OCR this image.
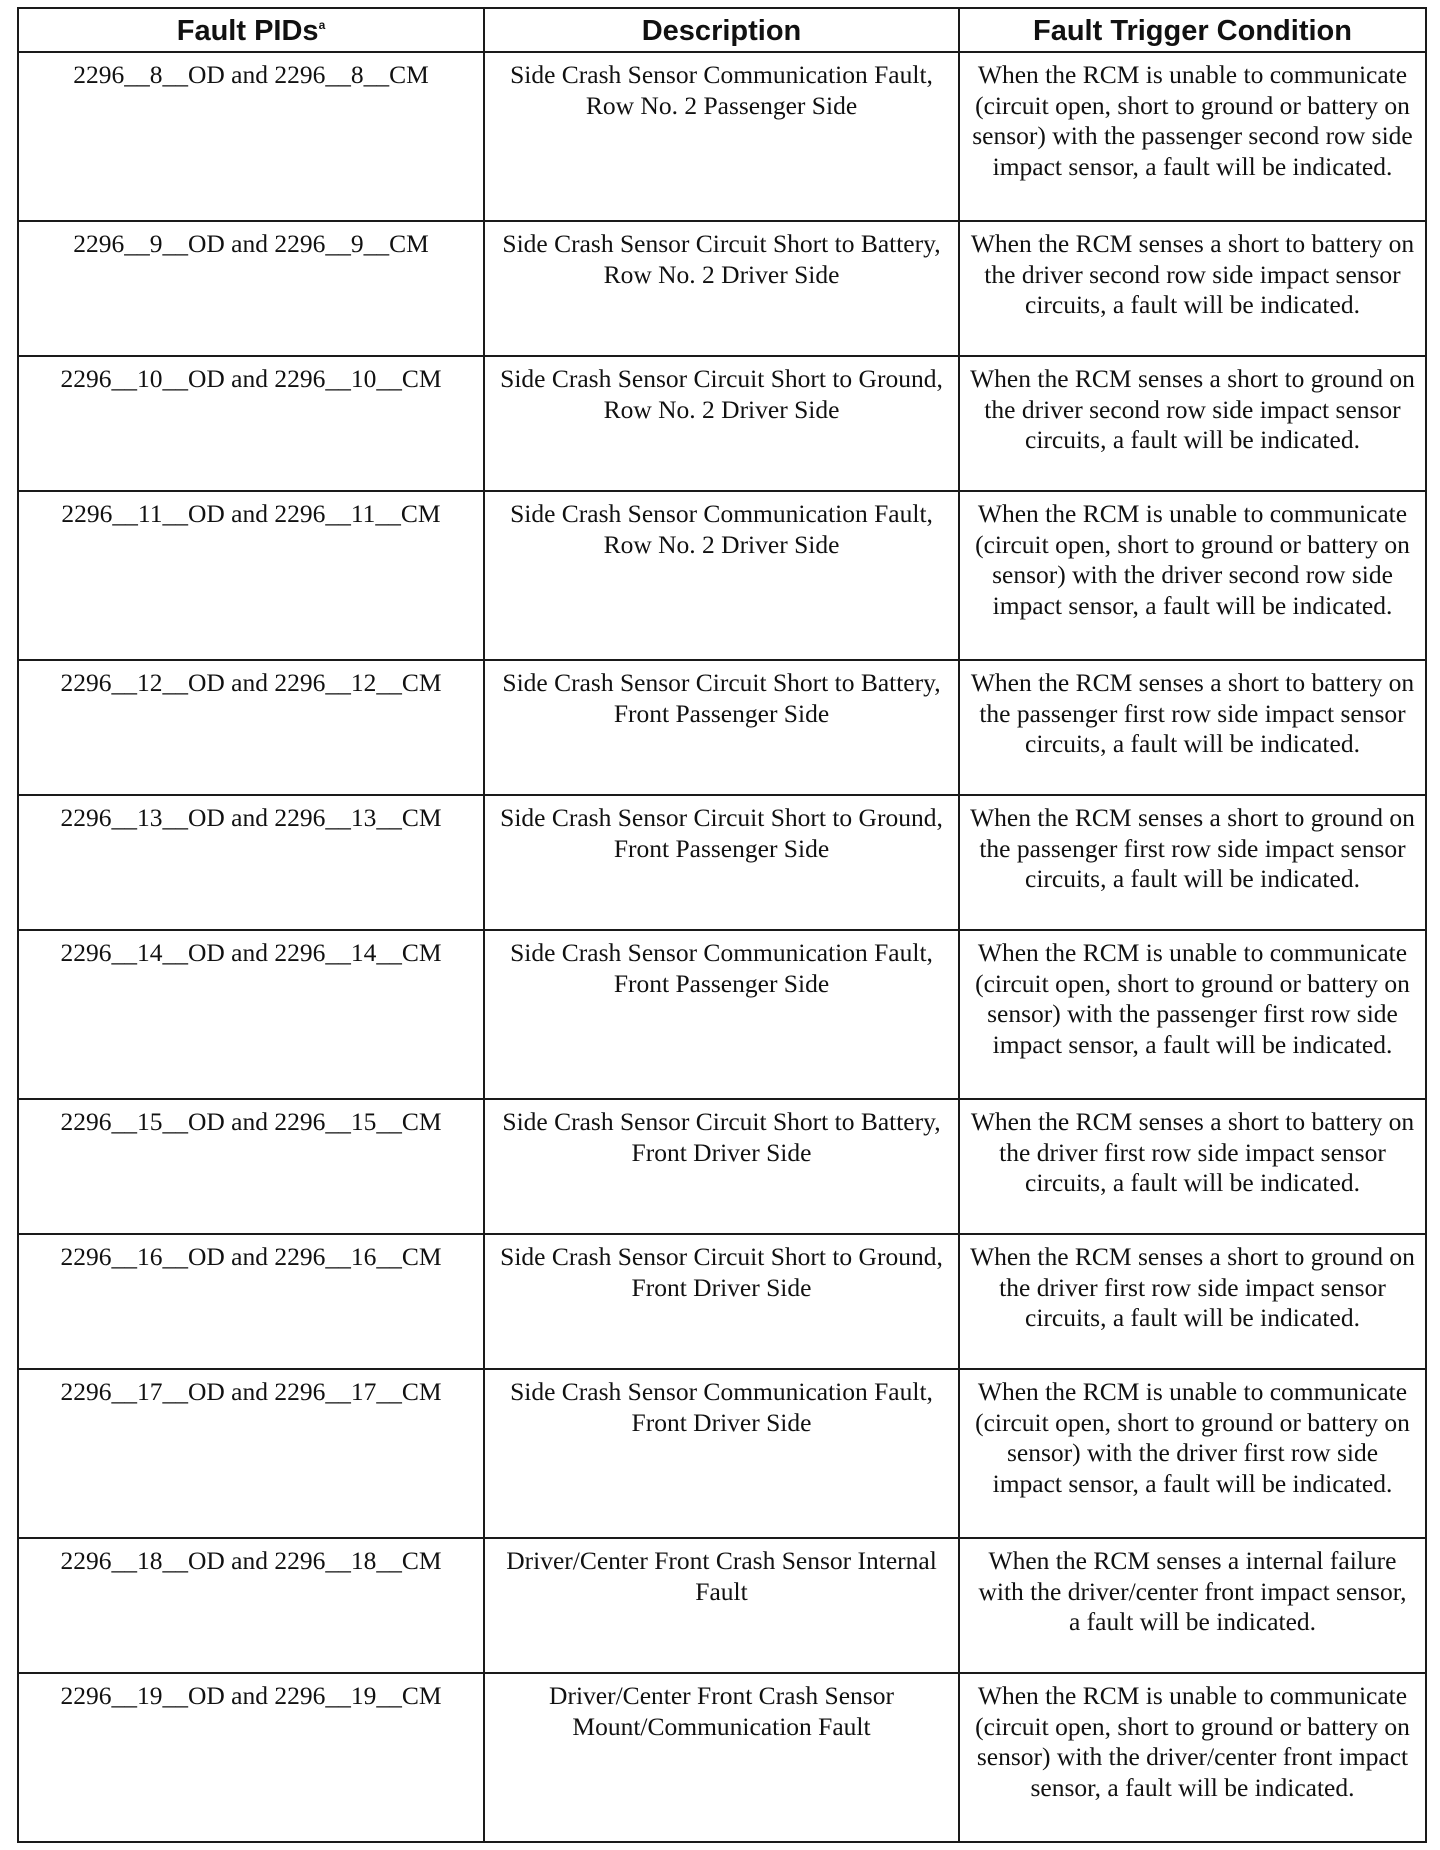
Fault PIDs$^a$	Description	Fault Trigger Condition
2296__8__OD and 2296__8__CM	Side Crash Sensor Communication Fault, Row No. 2 Passenger Side	When the RCM is unable to communicate (circuit open, short to ground or battery on sensor) with the passenger second row side impact sensor, a fault will be indicated.
2296__9__OD and 2296__9__CM	Side Crash Sensor Circuit Short to Battery, Row No. 2 Driver Side	When the RCM senses a short to battery on the driver second row side impact sensor circuits, a fault will be indicated.
2296__10__OD and 2296__10__CM	Side Crash Sensor Circuit Short to Ground, Row No. 2 Driver Side	When the RCM senses a short to ground on the driver second row side impact sensor circuits, a fault will be indicated.
2296__11__OD and 2296__11__CM	Side Crash Sensor Communication Fault, Row No. 2 Driver Side	When the RCM is unable to communicate (circuit open, short to ground or battery on sensor) with the driver second row side impact sensor, a fault will be indicated.
2296__12__OD and 2296__12__CM	Side Crash Sensor Circuit Short to Battery, Front Passenger Side	When the RCM senses a short to battery on the passenger first row side impact sensor circuits, a fault will be indicated.
2296__13__OD and 2296__13__CM	Side Crash Sensor Circuit Short to Ground, Front Passenger Side	When the RCM senses a short to ground on the passenger first row side impact sensor circuits, a fault will be indicated.
2296__14__OD and 2296__14__CM	Side Crash Sensor Communication Fault, Front Passenger Side	When the RCM is unable to communicate (circuit open, short to ground or battery on sensor) with the passenger first row side impact sensor, a fault will be indicated.
2296__15__OD and 2296__15__CM	Side Crash Sensor Circuit Short to Battery, Front Driver Side	When the RCM senses a short to battery on the driver first row side impact sensor circuits, a fault will be indicated.
2296__16__OD and 2296__16__CM	Side Crash Sensor Circuit Short to Ground, Front Driver Side	When the RCM senses a short to ground on the driver first row side impact sensor circuits, a fault will be indicated.
2296__17__OD and 2296__17__CM	Side Crash Sensor Communication Fault, Front Driver Side	When the RCM is unable to communicate (circuit open, short to ground or battery on sensor) with the driver first row side impact sensor, a fault will be indicated.
2296__18__OD and 2296__18__CM	Driver/Center Front Crash Sensor Internal Fault	When the RCM senses a internal failure with the driver/center front impact sensor, a fault will be indicated.
2296__19__OD and 2296__19__CM	Driver/Center Front Crash Sensor Mount/Communication Fault	When the RCM is unable to communicate (circuit open, short to ground or battery on sensor) with the driver/center front impact sensor, a fault will be indicated.
